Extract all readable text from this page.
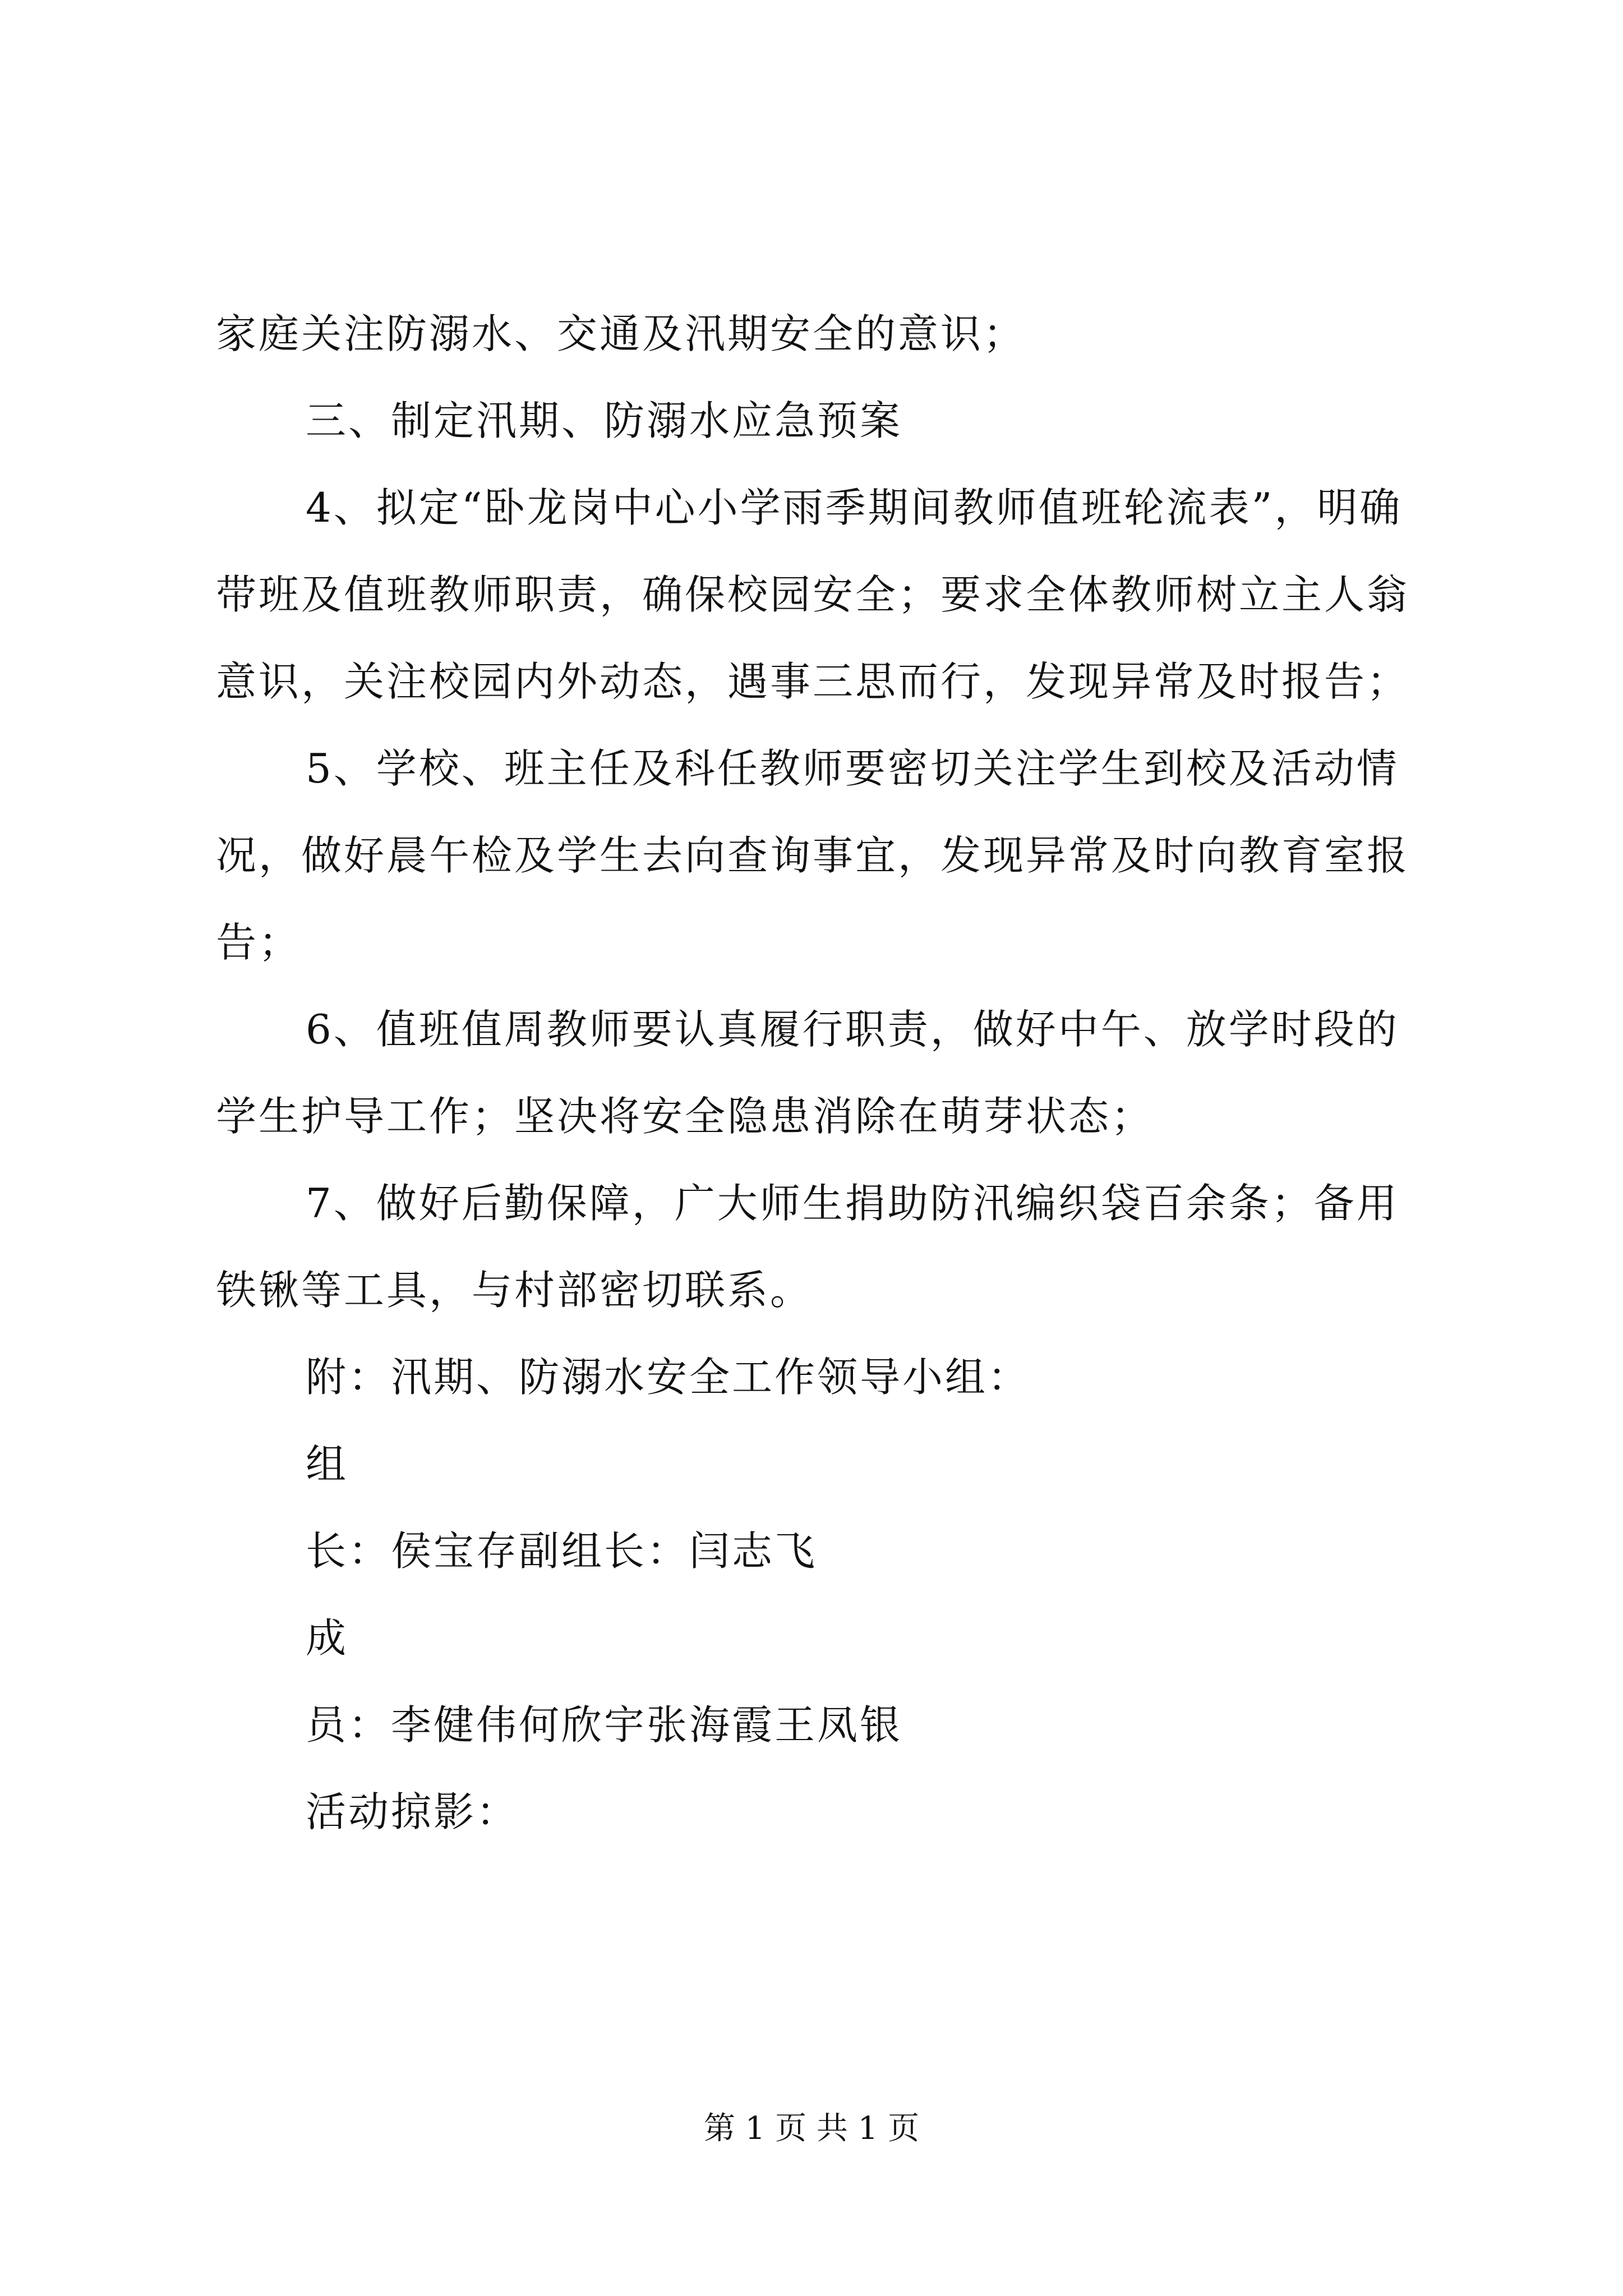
家庭关注防溺水、交通及汛期安全的意识；
三、制定汛期、防溺水应急预案
4、拟定“卧龙岗中心小学雨季期间教师值班轮流表”，明确
带班及值班教师职责，确保校园安全；要求全体教师树立主人翁
意识，关注校园内外动态，遇事三思而行，发现异常及时报告；
5、学校、班主任及科任教师要密切关注学生到校及活动情
况，做好晨午检及学生去向查询事宜，发现异常及时向教育室报
告；
6、值班值周教师要认真履行职责，做好中午、放学时段的
学生护导工作；坚决将安全隐患消除在萌芽状态；
7、做好后勤保障，广大师生捐助防汛编织袋百余条；备用
铁锹等工具，与村部密切联系。
附：汛期、防溺水安全工作领导小组：
组
长：侯宝存副组长：闫志飞
成
员：李健伟何欣宇张海霞王凤银
活动掠影：
第 1 页 共 1 页
